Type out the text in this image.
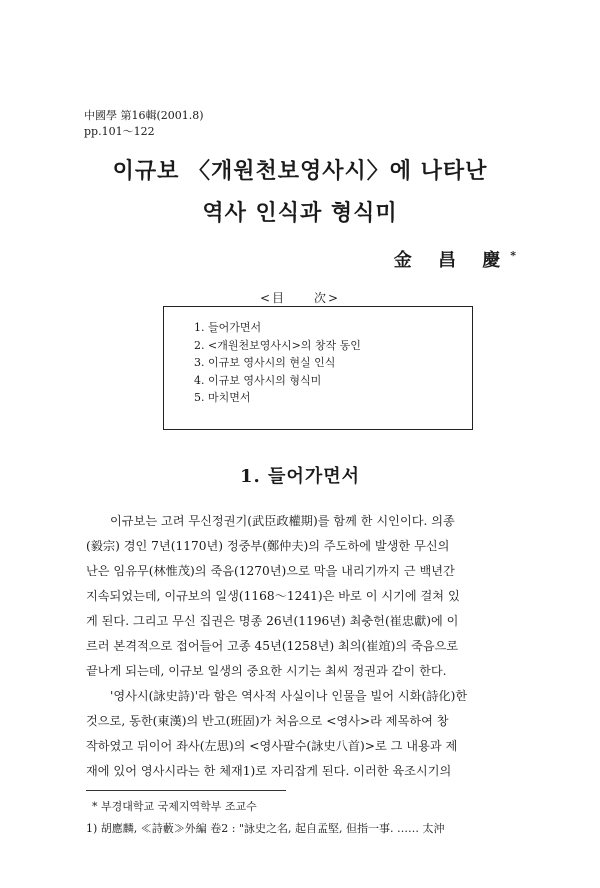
中國學 第16輯(2001.8)
pp.101～122
이규보 〈개원천보영사시〉에 나타난
역사 인식과 형식미
金 昌 慶*
<目　　次>
1. 들어가면서
2. <개원천보영사시>의 창작 동인
3. 이규보 영사시의 현실 인식
4. 이규보 영사시의 형식미
5. 마치면서
1. 들어가면서
이규보는 고려 무신정권기(武臣政權期)를 함께 한 시인이다. 의종
(毅宗) 경인 7년(1170년) 정중부(鄭仲夫)의 주도하에 발생한 무신의
난은 임유무(林惟茂)의 죽음(1270년)으로 막을 내리기까지 근 백년간
지속되었는데, 이규보의 일생(1168～1241)은 바로 이 시기에 걸쳐 있
게 된다. 그리고 무신 집권은 명종 26년(1196년) 최충헌(崔忠獻)에 이
르러 본격적으로 접어들어 고종 45년(1258년) 최의(崔竩)의 죽음으로
끝나게 되는데, 이규보 일생의 중요한 시기는 최씨 정권과 같이 한다.
'영사시(詠史詩)'라 함은 역사적 사실이나 인물을 빌어 시화(詩化)한
것으로, 동한(東漢)의 반고(班固)가 처음으로 <영사>라 제목하여 창
작하였고 뒤이어 좌사(左思)의 <영사팔수(詠史八首)>로 그 내용과 제
재에 있어 영사시라는 한 체재1)로 자리잡게 된다. 이러한 육조시기의
* 부경대학교 국제지역학부 조교수
1) 胡應麟, ≪詩藪≫外編 卷2 : "詠史之名, 起自孟堅, 但指一事. …… 太沖
